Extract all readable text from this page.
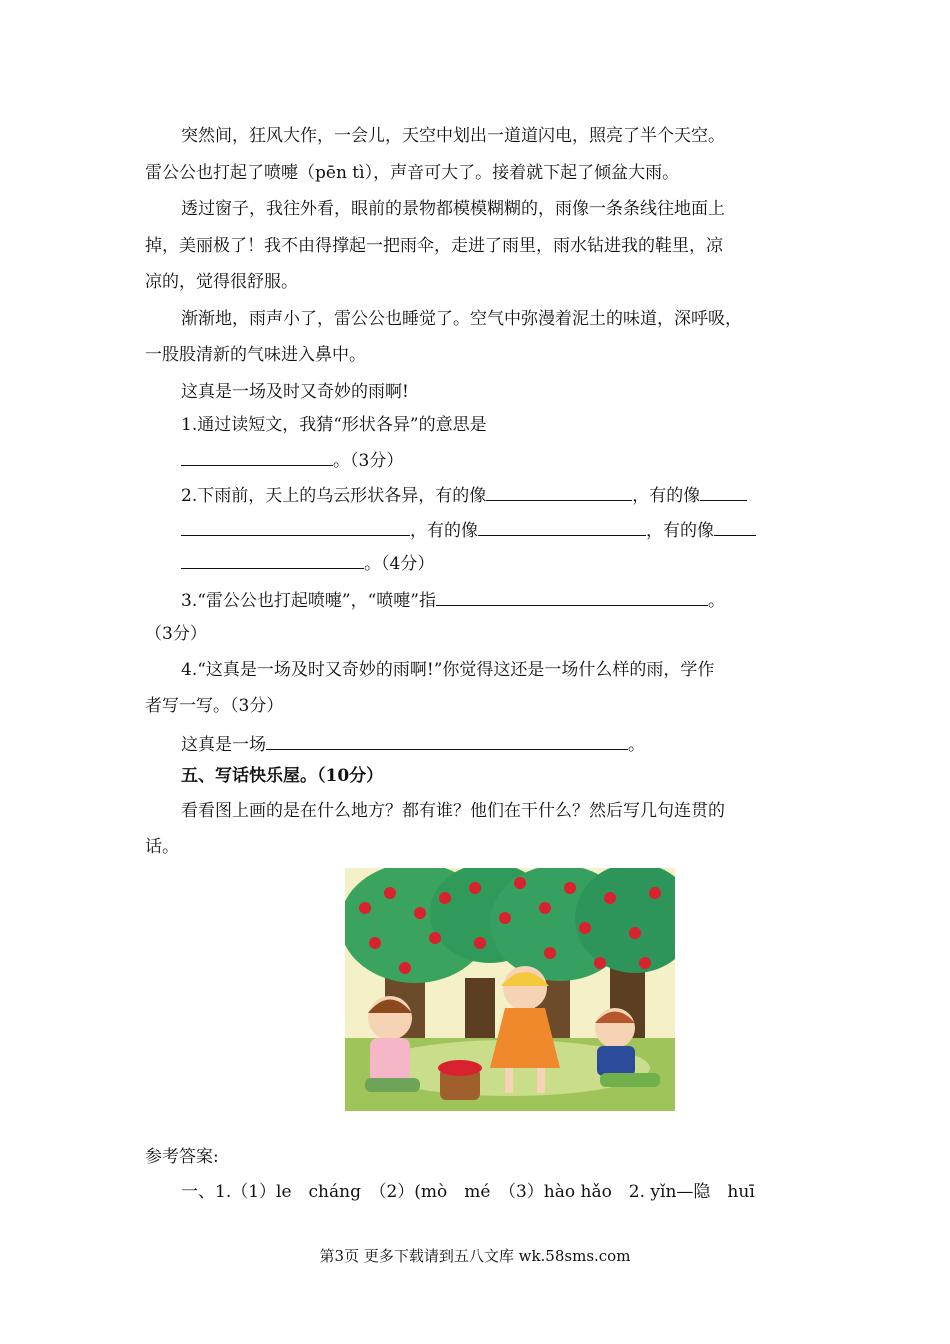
突然间，狂风大作，一会儿，天空中划出一道道闪电，照亮了半个天空。
雷公公也打起了喷嚏（pēn tì），声音可大了。接着就下起了倾盆大雨。
透过窗子，我往外看，眼前的景物都模模糊糊的，雨像一条条线往地面上
掉，美丽极了！我不由得撑起一把雨伞，走进了雨里，雨水钻进我的鞋里，凉
凉的，觉得很舒服。
渐渐地，雨声小了，雷公公也睡觉了。空气中弥漫着泥土的味道，深呼吸，
一股股清新的气味进入鼻中。
这真是一场及时又奇妙的雨啊!
1.通过读短文，我猜“形状各异”的意思是
。（3分）
2.下雨前，天上的乌云形状各异，有的像	，有的像
，有的像	，有的像
。（4分）
3.“雷公公也打起喷嚏”，“喷嚏”指	。
（3分）
4.“这真是一场及时又奇妙的雨啊!”你觉得这还是一场什么样的雨，学作
者写一写。（3分）
这真是一场	。
五、写话快乐屋。（10分）
看看图上画的是在什么地方？都有谁？他们在干什么？然后写几句连贯的
话。
参考答案:
一、1.（1）le　cháng　（2）(mò　mé　（3）hào hǎo　2. yǐn—隐　huī
第3页 更多下载请到五八文库 wk.58sms.com
